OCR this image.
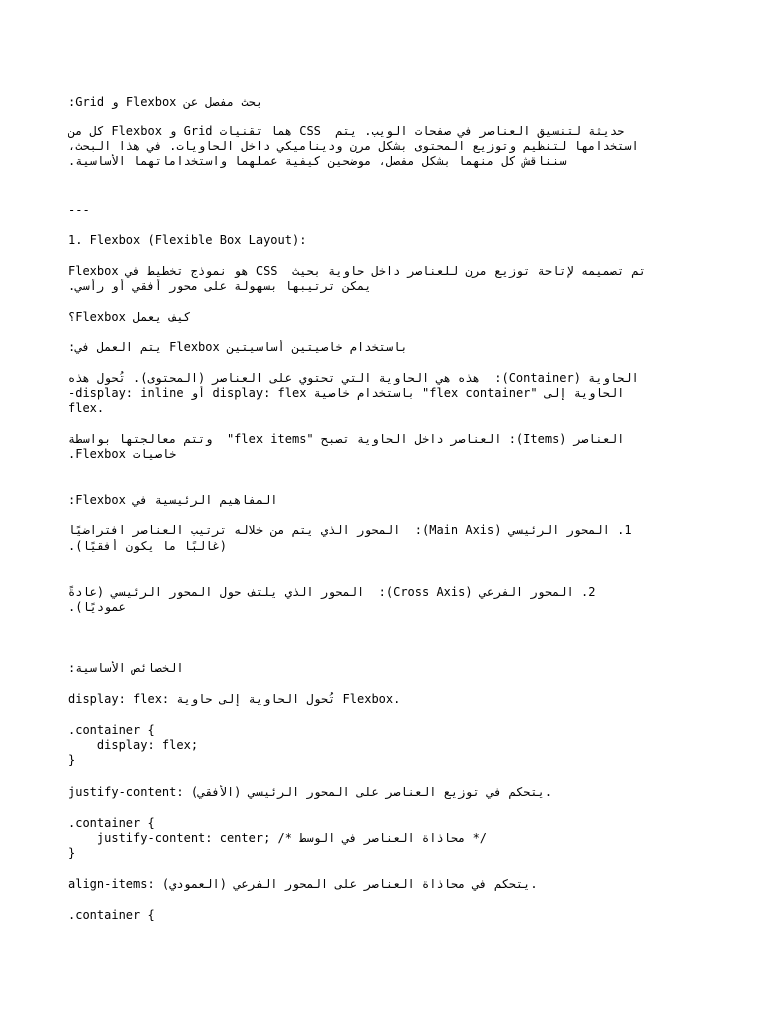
بحث مفصل عن Flexbox و Grid:
حديثة لتنسيق العناصر في صفحات الويب. يتم  CSS هما تقنيات Grid و Flexbox كل من
استخدامها لتنظيم وتوزيع المحتوى بشكل مرن وديناميكي داخل الحاويات. في هذا البحث،
سنناقش كل منهما بشكل مفصل، موضحين كيفية عملهما واستخداماتهما الأساسية.
---
1. Flexbox (Flexible Box Layout):
تم تصميمه لإتاحة توزيع مرن للعناصر داخل حاوية بحيث  CSS هو نموذج تخطيط في Flexbox
يمكن ترتيبها بسهولة على محور أفقي أو رأسي.
كيف يعمل Flexbox؟
باستخدام خاصيتين أساسيتين Flexbox يتم العمل في:
الحاوية (Container):  هذه هي الحاوية التي تحتوي على العناصر (المحتوى). تُحول هذه
الحاوية إلى "flex container" باستخدام خاصية display: flex أو display: inline-
flex.
العناصر (Items): العناصر داخل الحاوية تصبح "flex items"  وتتم معالجتها بواسطة
خاصيات Flexbox.
المفاهيم الرئيسية في Flexbox:
1. المحور الرئيسي (Main Axis):  المحور الذي يتم من خلاله ترتيب العناصر افتراضيًا
(غالبًا ما يكون أفقيًا).
2. المحور الفرعي (Cross Axis):  المحور الذي يلتف حول المحور الرئيسي (عادةً
عموديًا).
الخصائص الأساسية:
display: flex: تُحول الحاوية إلى حاوية Flexbox.
.container {
display: flex;
}
justify-content: يتحكم في توزيع العناصر على المحور الرئيسي (الأفقي).
.container {
justify-content: center; /* محاذاة العناصر في الوسط */
}
align-items: يتحكم في محاذاة العناصر على المحور الفرعي (العمودي).
.container {
